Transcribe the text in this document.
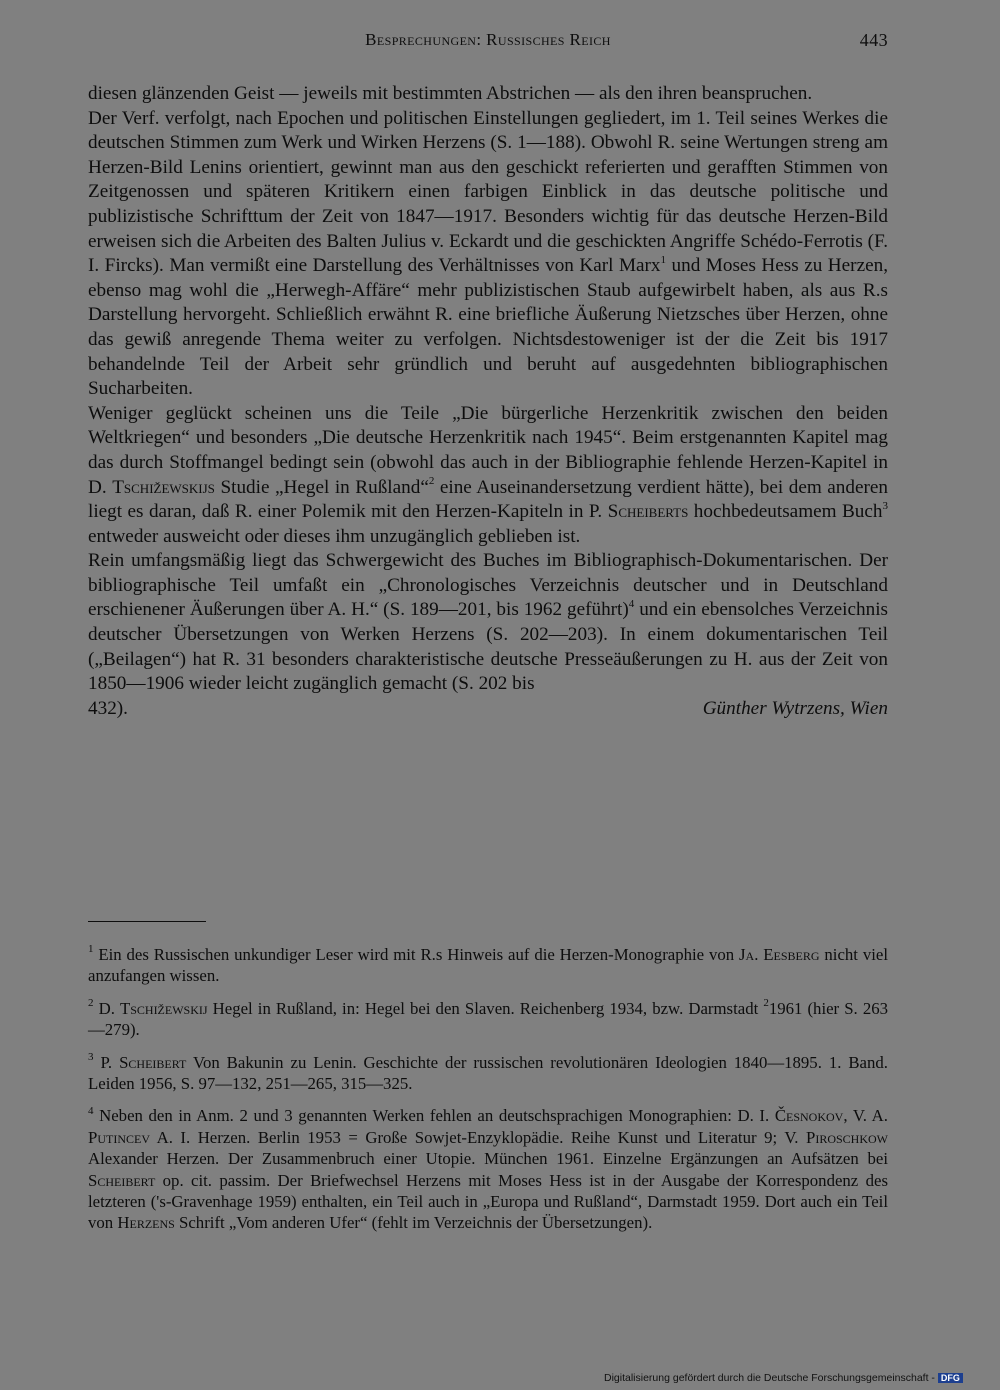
Besprechungen: Russisches Reich	443

diesen glänzenden Geist — jeweils mit bestimmten Abstrichen — als den ihren beanspruchen.

Der Verf. verfolgt, nach Epochen und politischen Einstellungen gegliedert, im 1. Teil seines Werkes die deutschen Stimmen zum Werk und Wirken Herzens (S. 1—188). Obwohl R. seine Wertungen streng am Herzen-Bild Lenins orientiert, gewinnt man aus den geschickt referierten und gerafften Stimmen von Zeitgenossen und späteren Kritikern einen farbigen Einblick in das deutsche politische und publizistische Schrifttum der Zeit von 1847—1917. Besonders wichtig für das deutsche Herzen-Bild erweisen sich die Arbeiten des Balten Julius v. Eckardt und die geschickten Angriffe Schédo-Ferrotis (F. I. Fircks). Man vermißt eine Darstellung des Verhältnisses von Karl Marx$^1$ und Moses Hess zu Herzen, ebenso mag wohl die „Herwegh-Affäre“ mehr publizistischen Staub aufgewirbelt haben, als aus R.s Darstellung hervorgeht. Schließlich erwähnt R. eine briefliche Äußerung Nietzsches über Herzen, ohne das gewiß anregende Thema weiter zu verfolgen. Nichtsdestoweniger ist der die Zeit bis 1917 behandelnde Teil der Arbeit sehr gründlich und beruht auf ausgedehnten bibliographischen Sucharbeiten.

Weniger geglückt scheinen uns die Teile „Die bürgerliche Herzenkritik zwischen den beiden Weltkriegen“ und besonders „Die deutsche Herzenkritik nach 1945“. Beim erstgenannten Kapitel mag das durch Stoffmangel bedingt sein (obwohl das auch in der Bibliographie fehlende Herzen-Kapitel in D. Tschižewskijs Studie „Hegel in Rußland“$^2$ eine Auseinandersetzung verdient hätte), bei dem anderen liegt es daran, daß R. einer Polemik mit den Herzen-Kapiteln in P. Scheiberts hochbedeutsamem Buch$^3$ entweder ausweicht oder dieses ihm unzugänglich geblieben ist.

Rein umfangsmäßig liegt das Schwergewicht des Buches im Bibliographisch-Dokumentarischen. Der bibliographische Teil umfaßt ein „Chronologisches Verzeichnis deutscher und in Deutschland erschienener Äußerungen über A. H.“ (S. 189—201, bis 1962 geführt)$^4$ und ein ebensolches Verzeichnis deutscher Übersetzungen von Werken Herzens (S. 202—203). In einem dokumentarischen Teil („Beilagen“) hat R. 31 besonders charakteristische deutsche Presseäußerungen zu H. aus der Zeit von 1850—1906 wieder leicht zugänglich gemacht (S. 202 bis

432).	Günther Wytrzens, Wien

$^1$ Ein des Russischen unkundiger Leser wird mit R.s Hinweis auf die Herzen-Monographie von Ja. Eesberg nicht viel anzufangen wissen.

$^2$ D. Tschižewskij Hegel in Rußland, in: Hegel bei den Slaven. Reichenberg 1934, bzw. Darmstadt $^2$1961 (hier S. 263—279).

$^3$ P. Scheibert Von Bakunin zu Lenin. Geschichte der russischen revolutionären Ideologien 1840—1895. 1. Band. Leiden 1956, S. 97—132, 251—265, 315—325.

$^4$ Neben den in Anm. 2 und 3 genannten Werken fehlen an deutschsprachigen Monographien: D. I. Česnokov, V. A. Putincev A. I. Herzen. Berlin 1953 = Große Sowjet-Enzyklopädie. Reihe Kunst und Literatur 9; V. Piroschkow Alexander Herzen. Der Zusammenbruch einer Utopie. München 1961. Einzelne Ergänzungen an Aufsätzen bei Scheibert op. cit. passim. Der Briefwechsel Herzens mit Moses Hess ist in der Ausgabe der Korrespondenz des letzteren ('s-Gravenhage 1959) enthalten, ein Teil auch in „Europa und Rußland“, Darmstadt 1959. Dort auch ein Teil von Herzens Schrift „Vom anderen Ufer“ (fehlt im Verzeichnis der Übersetzungen).

Digitalisierung gefördert durch die Deutsche Forschungsgemeinschaft - DFG
